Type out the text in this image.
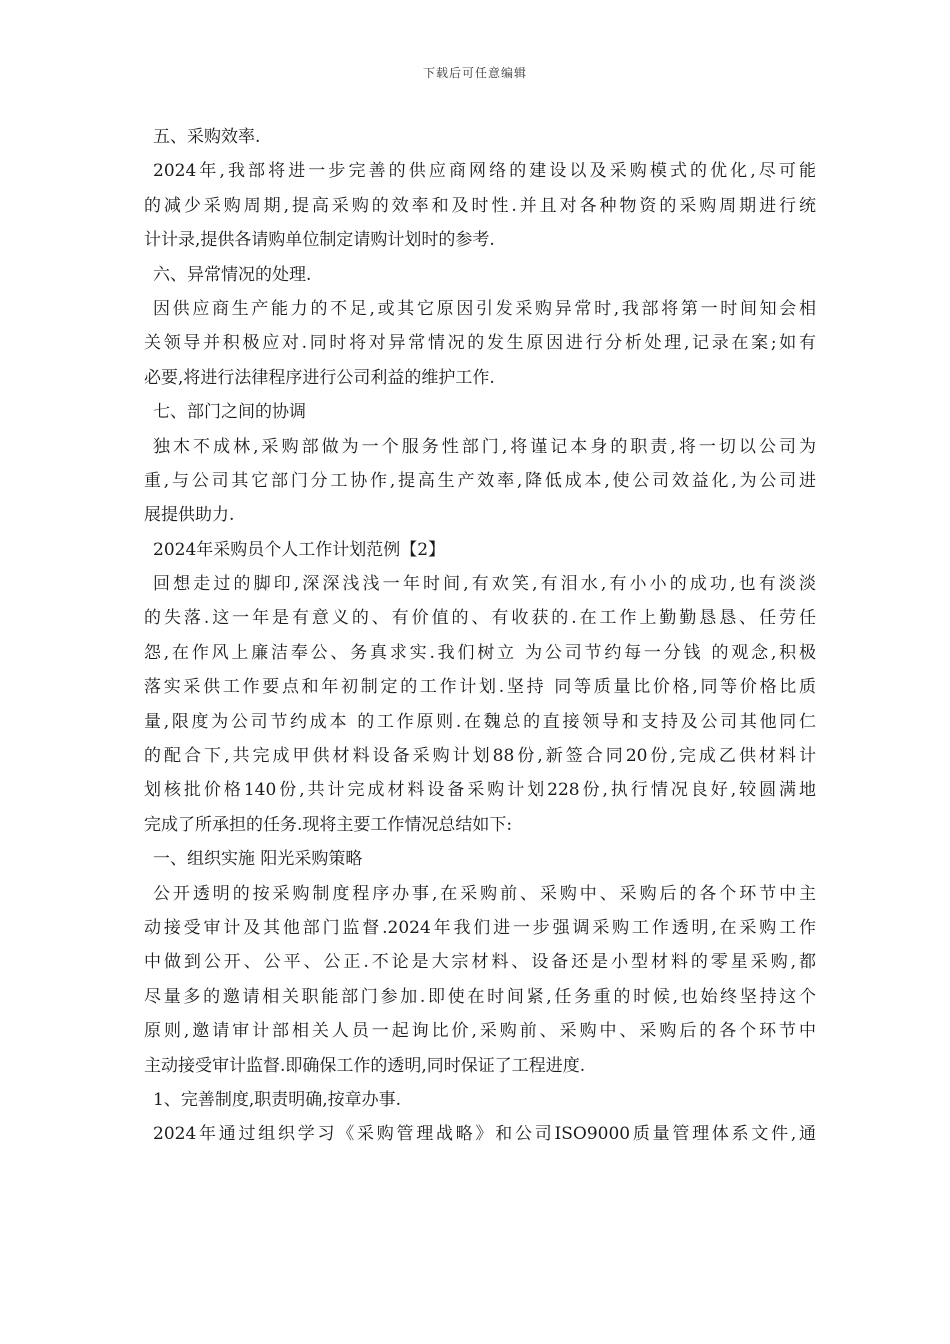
下载后可任意编辑
五、采购效率.
2024年,我部将进一步完善的供应商网络的建设以及采购模式的优化,尽可能
的减少采购周期,提高采购的效率和及时性.并且对各种物资的采购周期进行统
计计录,提供各请购单位制定请购计划时的参考.
六、异常情况的处理.
因供应商生产能力的不足,或其它原因引发采购异常时,我部将第一时间知会相
关领导并积极应对.同时将对异常情况的发生原因进行分析处理,记录在案;如有
必要,将进行法律程序进行公司利益的维护工作.
七、部门之间的协调
独木不成林,采购部做为一个服务性部门,将谨记本身的职责,将一切以公司为
重,与公司其它部门分工协作,提高生产效率,降低成本,使公司效益化,为公司进
展提供助力.
2024年采购员个人工作计划范例【2】
回想走过的脚印,深深浅浅一年时间,有欢笑,有泪水,有小小的成功,也有淡淡
的失落.这一年是有意义的、有价值的、有收获的.在工作上勤勤恳恳、任劳任
怨,在作风上廉洁奉公、务真求实.我们树立 为公司节约每一分钱 的观念,积极
落实采供工作要点和年初制定的工作计划.坚持 同等质量比价格,同等价格比质
量,限度为公司节约成本 的工作原则.在魏总的直接领导和支持及公司其他同仁
的配合下,共完成甲供材料设备采购计划88份,新签合同20份,完成乙供材料计
划核批价格140份,共计完成材料设备采购计划228份,执行情况良好,较圆满地
完成了所承担的任务.现将主要工作情况总结如下:
一、组织实施 阳光采购策略
公开透明的按采购制度程序办事,在采购前、采购中、采购后的各个环节中主
动接受审计及其他部门监督.2024年我们进一步强调采购工作透明,在采购工作
中做到公开、公平、公正.不论是大宗材料、设备还是小型材料的零星采购,都
尽量多的邀请相关职能部门参加.即使在时间紧,任务重的时候,也始终坚持这个
原则,邀请审计部相关人员一起询比价,采购前、采购中、采购后的各个环节中
主动接受审计监督.即确保工作的透明,同时保证了工程进度.
1、完善制度,职责明确,按章办事.
2024年通过组织学习《采购管理战略》和公司ISO9000质量管理体系文件,通
